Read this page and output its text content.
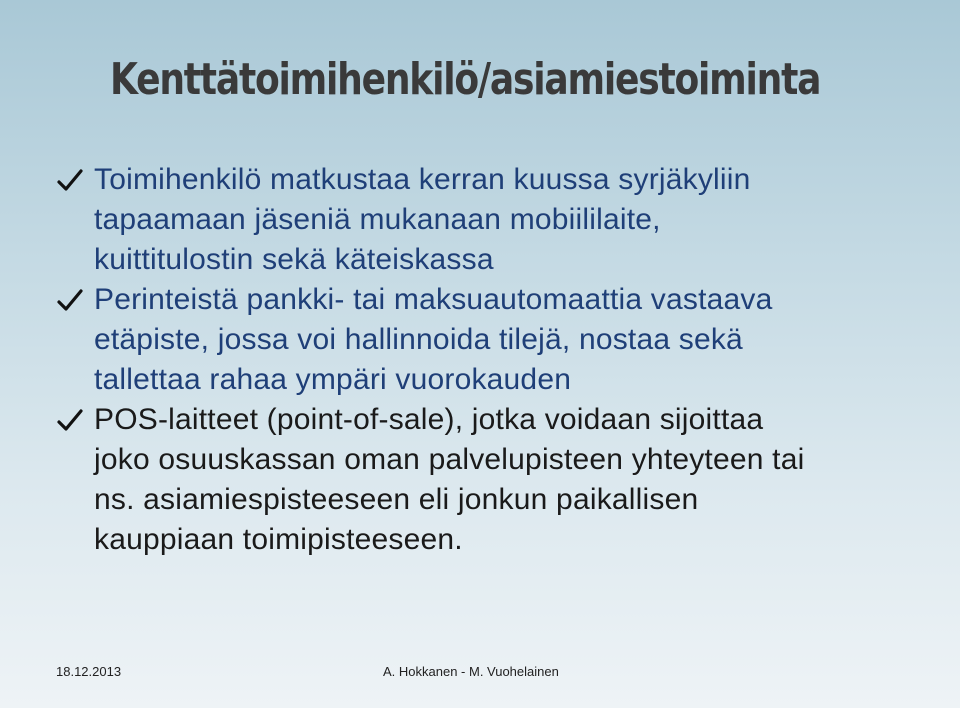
Kenttätoimihenkilö/asiamiestoiminta
Toimihenkilö matkustaa kerran kuussa syrjäkyliin
tapaamaan jäseniä mukanaan mobiililaite,
kuittitulostin sekä käteiskassa
Perinteistä pankki- tai maksuautomaattia vastaava
etäpiste, jossa voi hallinnoida tilejä, nostaa sekä
tallettaa rahaa ympäri vuorokauden
POS-laitteet (point-of-sale), jotka voidaan sijoittaa
joko osuuskassan oman palvelupisteen yhteyteen tai
ns. asiamiespisteeseen eli jonkun paikallisen
kauppiaan toimipisteeseen.
18.12.2013	A. Hokkanen - M. Vuohelainen
